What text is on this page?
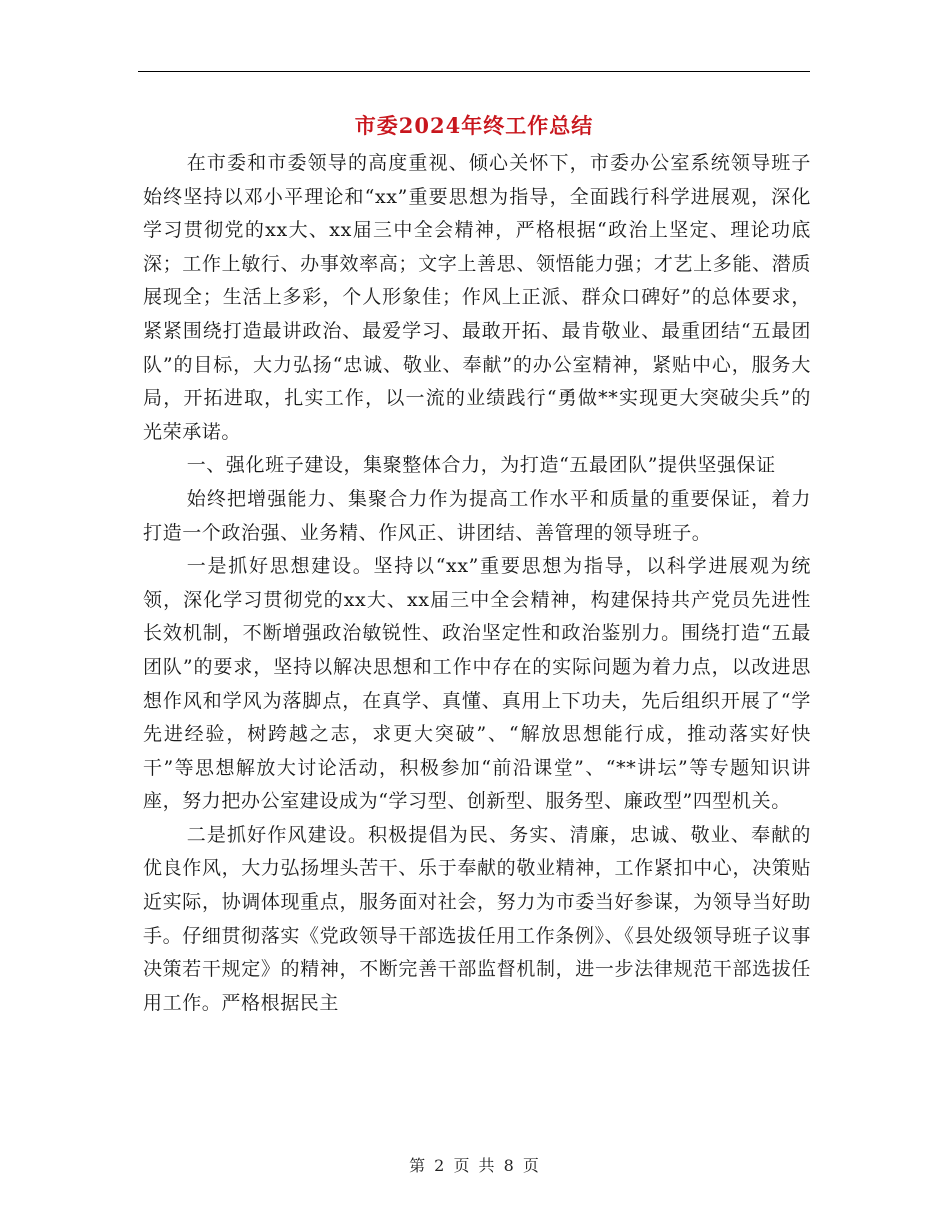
市委2024年终工作总结

在市委和市委领导的高度重视、倾心关怀下，市委办公室系统领导班子始终坚持以邓小平理论和“xx”重要思想为指导，全面践行科学进展观，深化学习贯彻党的xx大、xx届三中全会精神，严格根据“政治上坚定、理论功底深；工作上敏行、办事效率高；文字上善思、领悟能力强；才艺上多能、潜质展现全；生活上多彩，个人形象佳；作风上正派、群众口碑好”的总体要求，紧紧围绕打造最讲政治、最爱学习、最敢开拓、最肯敬业、最重团结“五最团队”的目标，大力弘扬“忠诚、敬业、奉献”的办公室精神，紧贴中心，服务大局，开拓进取，扎实工作，以一流的业绩践行“勇做**实现更大突破尖兵”的光荣承诺。

一、强化班子建设，集聚整体合力，为打造“五最团队”提供坚强保证

始终把增强能力、集聚合力作为提高工作水平和质量的重要保证，着力打造一个政治强、业务精、作风正、讲团结、善管理的领导班子。

一是抓好思想建设。坚持以“xx”重要思想为指导，以科学进展观为统领，深化学习贯彻党的xx大、xx届三中全会精神，构建保持共产党员先进性长效机制，不断增强政治敏锐性、政治坚定性和政治鉴别力。围绕打造“五最团队”的要求，坚持以解决思想和工作中存在的实际问题为着力点，以改进思想作风和学风为落脚点，在真学、真懂、真用上下功夫，先后组织开展了“学先进经验，树跨越之志，求更大突破”、“解放思想能行成，推动落实好快干”等思想解放大讨论活动，积极参加“前沿课堂”、“**讲坛”等专题知识讲座，努力把办公室建设成为“学习型、创新型、服务型、廉政型”四型机关。

二是抓好作风建设。积极提倡为民、务实、清廉，忠诚、敬业、奉献的优良作风，大力弘扬埋头苦干、乐于奉献的敬业精神，工作紧扣中心，决策贴近实际，协调体现重点，服务面对社会，努力为市委当好参谋，为领导当好助手。仔细贯彻落实《党政领导干部选拔任用工作条例》、《县处级领导班子议事决策若干规定》的精神，不断完善干部监督机制，进一步法律规范干部选拔任用工作。严格根据民主

第 2 页 共 8 页
